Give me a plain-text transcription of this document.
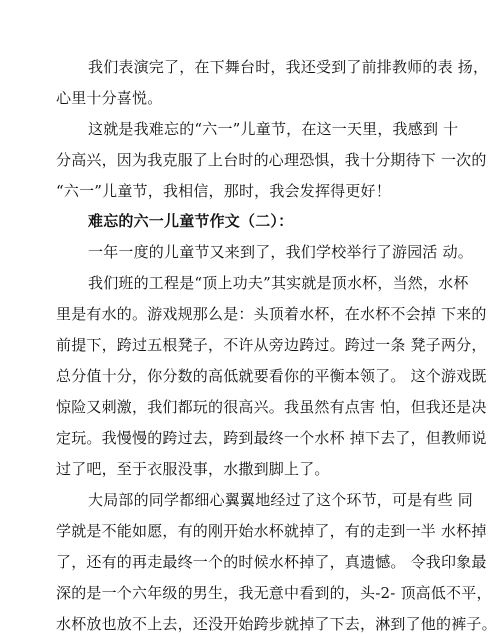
我们表演完了，在下舞台时，我还受到了前排教师的表 扬，
心里十分喜悦。
这就是我难忘的“六一”儿童节，在这一天里，我感到 十
分高兴，因为我克服了上台时的心理恐惧，我十分期待下 一次的
“六一”儿童节，我相信，那时，我会发挥得更好！
难忘的六一儿童节作文（二）：
一年一度的儿童节又来到了，我们学校举行了游园活 动。
我们班的工程是“顶上功夫”其实就是顶水杯，当然，水杯
里是有水的。游戏规那么是：头顶着水杯，在水杯不会掉 下来的
前提下，跨过五根凳子，不许从旁边跨过。跨过一条 凳子两分，
总分值十分，你分数的高低就要看你的平衡本领了。 这个游戏既
惊险又刺激，我们都玩的很高兴。我虽然有点害 怕，但我还是决
定玩。我慢慢的跨过去，跨到最终一个水杯 掉下去了，但教师说
过了吧，至于衣服没事，水撒到脚上了。
大局部的同学都细心翼翼地经过了这个环节，可是有些 同
学就是不能如愿，有的刚开始水杯就掉了，有的走到一半 水杯掉
了，还有的再走最终一个的时候水杯掉了，真遗憾。 令我印象最
深的是一个六年级的男生，我无意中看到的，头-2- 顶高低不平，
水杯放也放不上去，还没开始跨步就掉了下去，淋到了他的裤子。
